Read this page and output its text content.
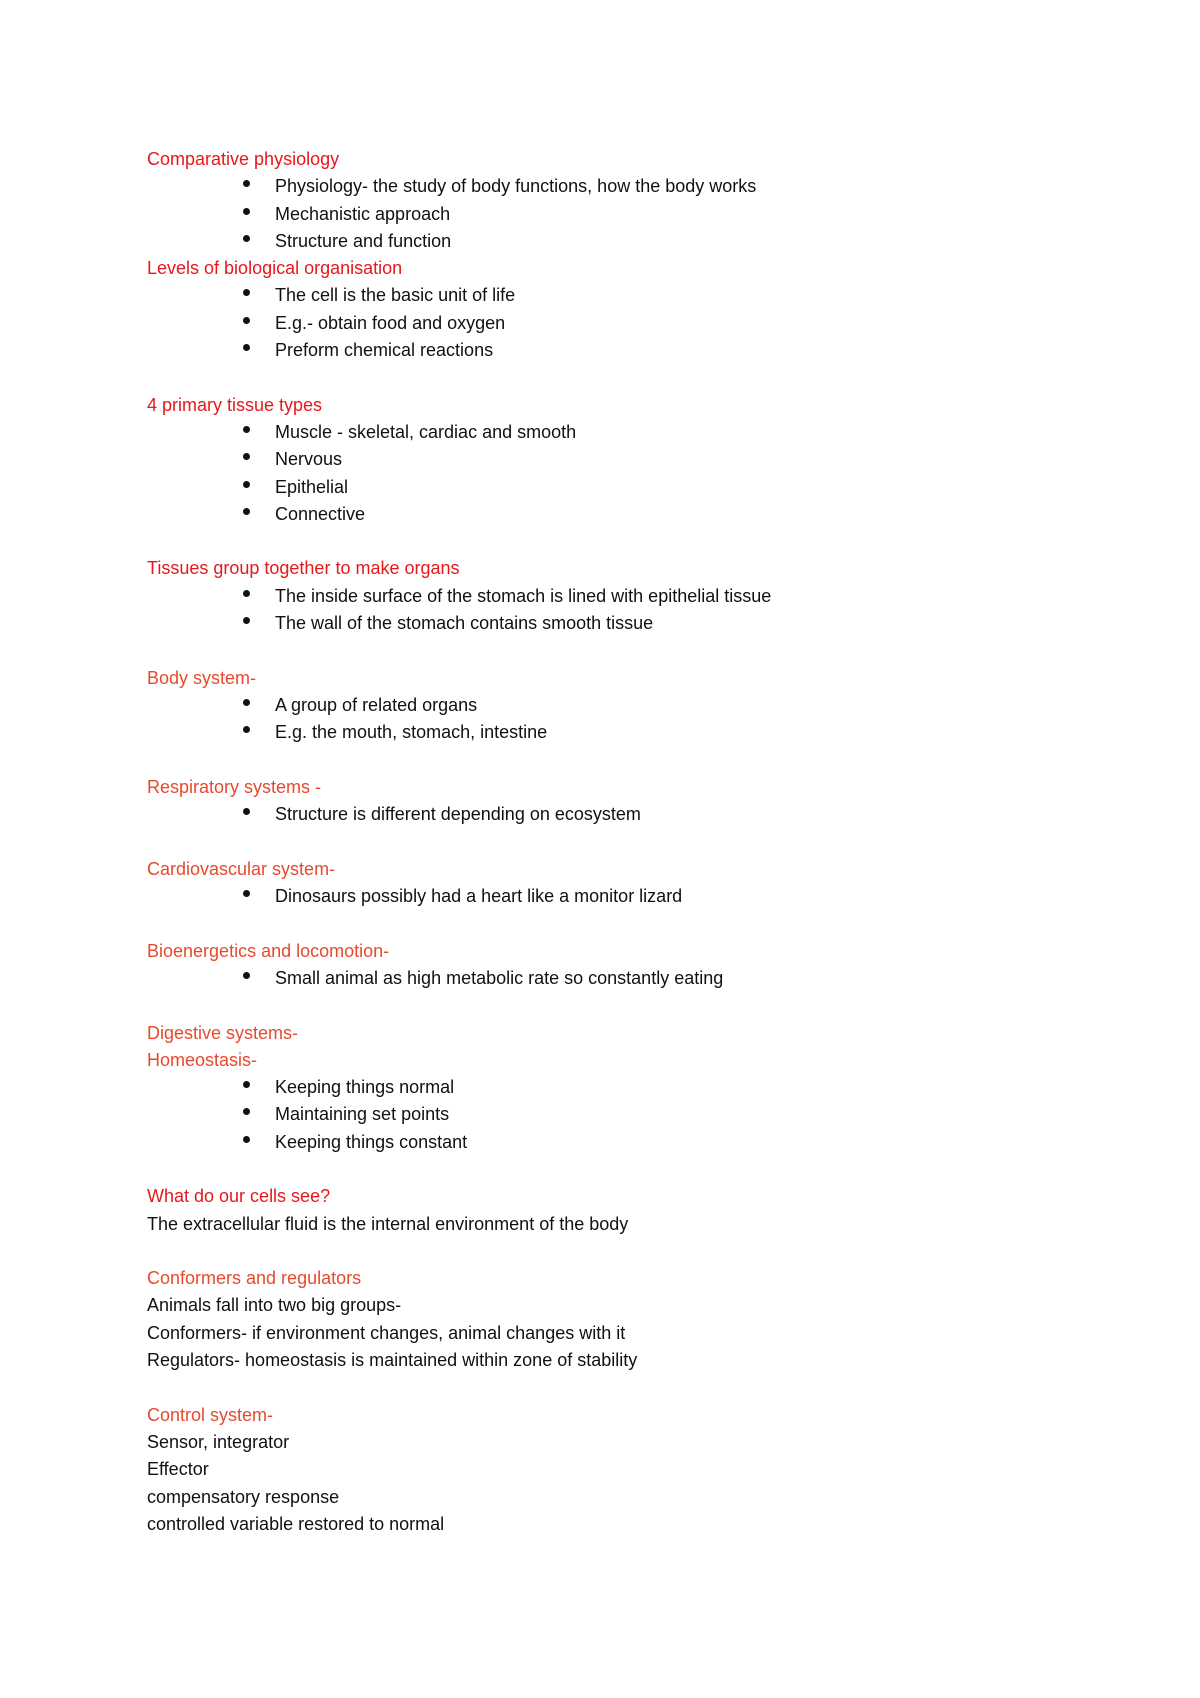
Comparative physiology
Physiology- the study of body functions, how the body works
Mechanistic approach
Structure and function
Levels of biological organisation
The cell is the basic unit of life
E.g.- obtain food and oxygen
Preform chemical reactions
4 primary tissue types
Muscle - skeletal, cardiac and smooth
Nervous
Epithelial
Connective
Tissues group together to make organs
The inside surface of the stomach is lined with epithelial tissue
The wall of the stomach contains smooth tissue
Body system-
A group of related organs
E.g. the mouth, stomach, intestine
Respiratory systems -
Structure is different depending on ecosystem
Cardiovascular system-
Dinosaurs possibly had a heart like a monitor lizard
Bioenergetics and locomotion-
Small animal as high metabolic rate so constantly eating
Digestive systems-
Homeostasis-
Keeping things normal
Maintaining set points
Keeping things constant
What do our cells see?
The extracellular fluid is the internal environment of the body
Conformers and regulators
Animals fall into two big groups-
Conformers- if environment changes, animal changes with it
Regulators- homeostasis is maintained within zone of stability
Control system-
Sensor, integrator
Effector
compensatory response
controlled variable restored to normal
